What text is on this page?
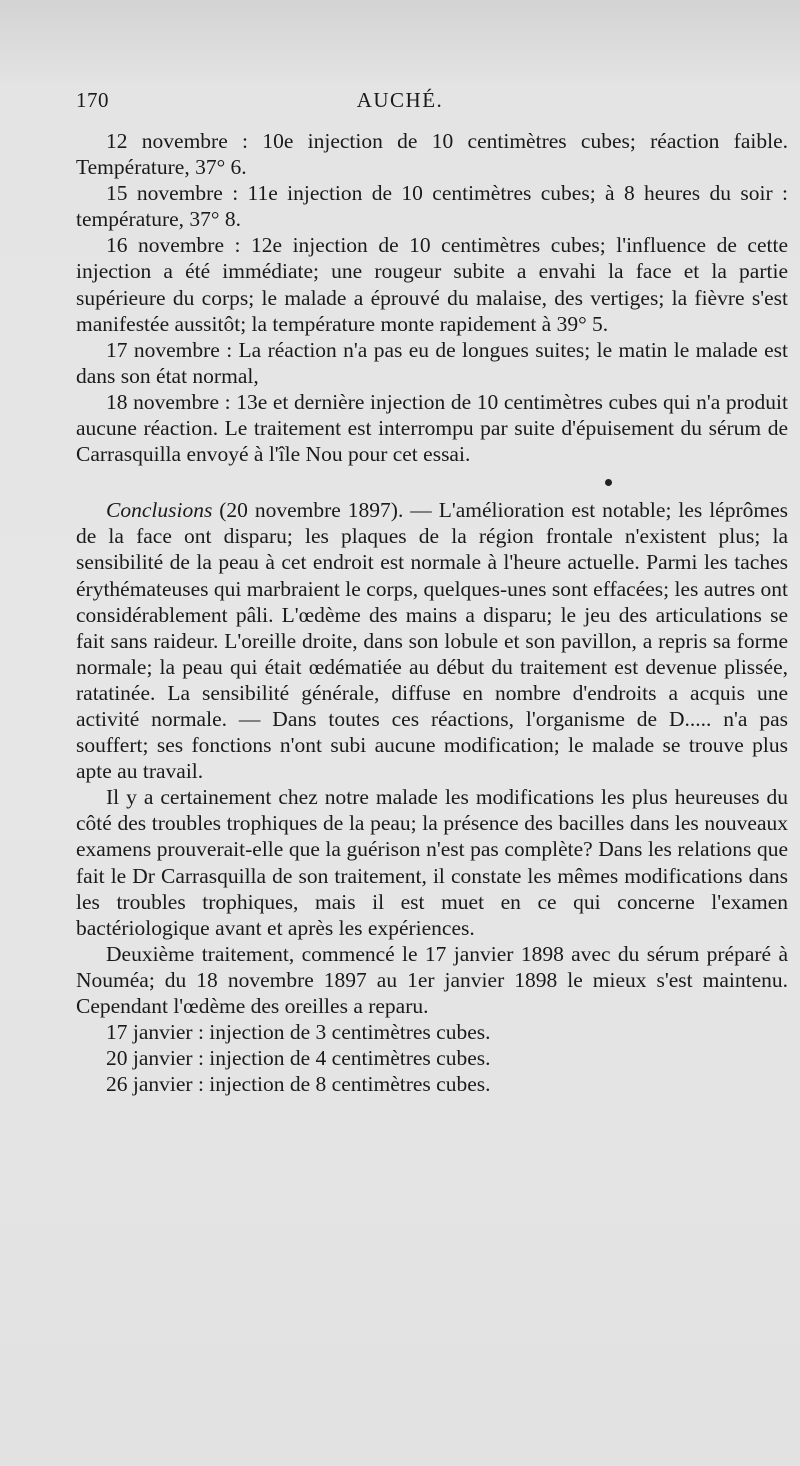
170	AUCHÉ.

12 novembre : 10e injection de 10 centimètres cubes; réaction faible. Température, 37° 6.

15 novembre : 11e injection de 10 centimètres cubes; à 8 heures du soir : température, 37° 8.

16 novembre : 12e injection de 10 centimètres cubes; l'influence de cette injection a été immédiate; une rougeur subite a envahi la face et la partie supérieure du corps; le malade a éprouvé du malaise, des vertiges; la fièvre s'est manifestée aussitôt; la température monte rapidement à 39° 5.

17 novembre : La réaction n'a pas eu de longues suites; le matin le malade est dans son état normal,

18 novembre : 13e et dernière injection de 10 centimètres cubes qui n'a produit aucune réaction. Le traitement est interrompu par suite d'épuisement du sérum de Carrasquilla envoyé à l'île Nou pour cet essai.

Conclusions (20 novembre 1897). — L'amélioration est notable; les léprômes de la face ont disparu; les plaques de la région frontale n'existent plus; la sensibilité de la peau à cet endroit est normale à l'heure actuelle. Parmi les taches érythémateuses qui marbraient le corps, quelques-unes sont effacées; les autres ont considérablement pâli. L'œdème des mains a disparu; le jeu des articulations se fait sans raideur. L'oreille droite, dans son lobule et son pavillon, a repris sa forme normale; la peau qui était œdématiée au début du traitement est devenue plissée, ratatinée. La sensibilité générale, diffuse en nombre d'endroits a acquis une activité normale. — Dans toutes ces réactions, l'organisme de D..... n'a pas souffert; ses fonctions n'ont subi aucune modification; le malade se trouve plus apte au travail.

Il y a certainement chez notre malade les modifications les plus heureuses du côté des troubles trophiques de la peau; la présence des bacilles dans les nouveaux examens prouverait-elle que la guérison n'est pas complète? Dans les relations que fait le Dr Carrasquilla de son traitement, il constate les mêmes modifications dans les troubles trophiques, mais il est muet en ce qui concerne l'examen bactériologique avant et après les expériences.

Deuxième traitement, commencé le 17 janvier 1898 avec du sérum préparé à Nouméa; du 18 novembre 1897 au 1er janvier 1898 le mieux s'est maintenu. Cependant l'œdème des oreilles a reparu.

17 janvier : injection de 3 centimètres cubes.

20 janvier : injection de 4 centimètres cubes.

26 janvier : injection de 8 centimètres cubes.
